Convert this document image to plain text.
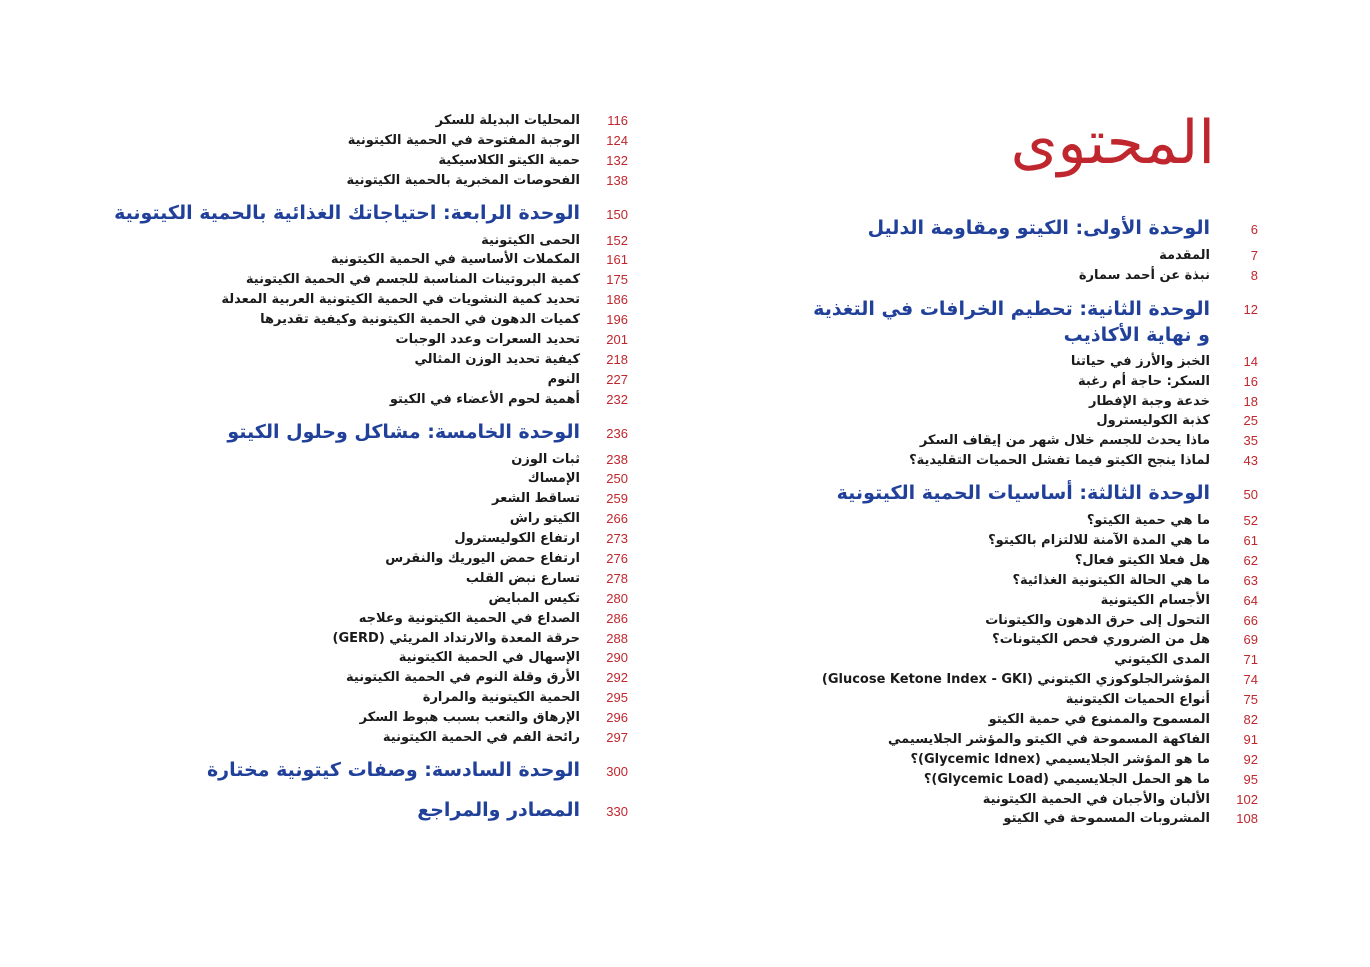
المحتوى
6
الوحدة الأولى: الكيتو ومقاومة الدليل
7
المقدمة
8
نبذة عن أحمد سمارة
12
الوحدة الثانية: تحطيم الخرافات في التغذية و نهاية الأكاذيب
14
الخبز والأرز في حياتنا
16
السكر: حاجة أم رغبة
18
خدعة وجبة الإفطار
25
كذبة الكوليسترول
35
ماذا يحدث للجسم خلال شهر من إيقاف السكر
43
لماذا ينجح الكيتو فيما تفشل الحميات التقليدية؟
50
الوحدة الثالثة: أساسيات الحمية الكيتونية
52
ما هي حمية الكيتو؟
61
ما هي المدة الآمنة للالتزام بالكيتو؟
62
هل فعلا الكيتو فعال؟
63
ما هي الحالة الكيتونية الغذائية؟
64
الأجسام الكيتونية
66
التحول إلى حرق الدهون والكيتونات
69
هل من الضروري فحص الكيتونات؟
71
المدى الكيتوني
74
المؤشرالجلوكوزي الكيتوني (Glucose Ketone Index - GKI)
75
أنواع الحميات الكيتونية
82
المسموح والممنوع في حمية الكيتو
91
الفاكهة المسموحة في الكيتو والمؤشر الجلايسيمي
92
ما هو المؤشر الجلايسيمي (Glycemic Idnex)؟
95
ما هو الحمل الجلايسيمي (Glycemic Load)؟
102
الألبان والأجبان في الحمية الكيتونية
108
المشروبات المسموحة في الكيتو
116
المحليات البديلة للسكر
124
الوجبة المفتوحة في الحمية الكيتونية
132
حمية الكيتو الكلاسيكية
138
الفحوصات المخبرية بالحمية الكيتونية
150
الوحدة الرابعة: احتياجاتك الغذائية بالحمية الكيتونية
152
الحمى الكيتونية
161
المكملات الأساسية في الحمية الكيتونية
175
كمية البروتينات المناسبة للجسم في الحمية الكيتونية
186
تحديد كمية النشويات في الحمية الكيتونية العربية المعدلة
196
كميات الدهون في الحمية الكيتونية وكيفية تقديرها
201
تحديد السعرات وعدد الوجبات
218
كيفية تحديد الوزن المثالي
227
النوم
232
أهمية لحوم الأعضاء في الكيتو
236
الوحدة الخامسة: مشاكل وحلول الكيتو
238
ثبات الوزن
250
الإمساك
259
تساقط الشعر
266
الكيتو راش
273
ارتفاع الكوليسترول
276
ارتفاع حمض اليوريك والنقرس
278
تسارع نبض القلب
280
تكيس المبايض
286
الصداع في الحمية الكيتونية وعلاجه
288
حرقة المعدة والارتداد المريئي (GERD)
290
الإسهال في الحمية الكيتونية
292
الأرق وقلة النوم في الحمية الكيتونية
295
الحمية الكيتونية والمرارة
296
الإرهاق والتعب بسبب هبوط السكر
297
رائحة الفم في الحمية الكيتونية
300
الوحدة السادسة: وصفات كيتونية مختارة
330
المصادر والمراجع
